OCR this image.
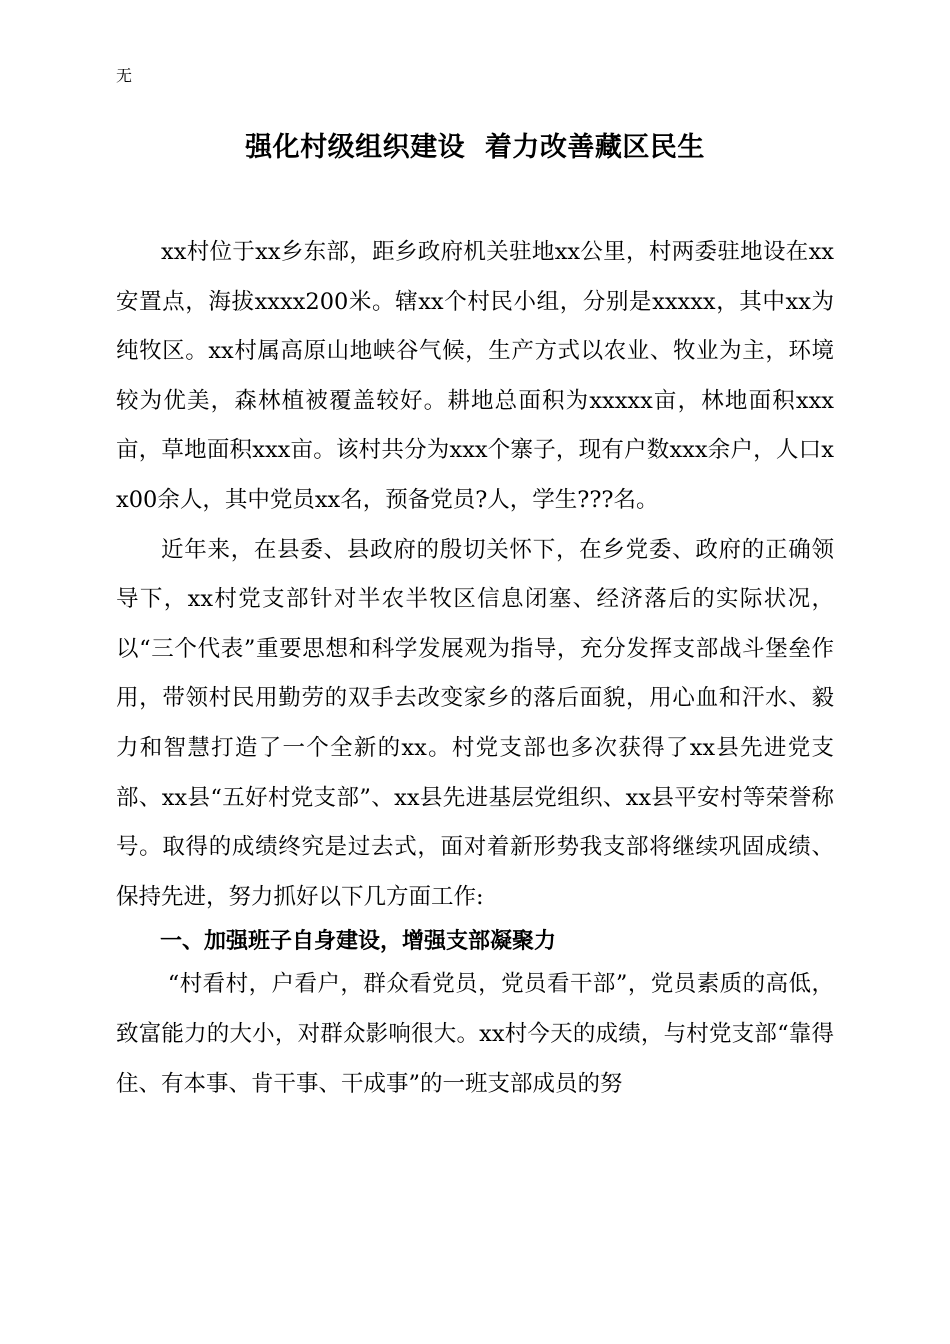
无
强化村级组织建设  着力改善藏区民生

xx村位于xx乡东部，距乡政府机关驻地xx公里，村两委驻地设在xx安置点，海拔xxxx200米。辖xx个村民小组，分别是xxxxx，其中xx为纯牧区。xx村属高原山地峡谷气候，生产方式以农业、牧业为主，环境较为优美，森林植被覆盖较好。耕地总面积为xxxxx亩，林地面积xxx亩，草地面积xxx亩。该村共分为xxx个寨子，现有户数xxx余户，人口xx00余人，其中党员xx名，预备党员?人，学生???名。

近年来，在县委、县政府的殷切关怀下，在乡党委、政府的正确领导下，xx村党支部针对半农半牧区信息闭塞、经济落后的实际状况，以“三个代表”重要思想和科学发展观为指导，充分发挥支部战斗堡垒作用，带领村民用勤劳的双手去改变家乡的落后面貌，用心血和汗水、毅力和智慧打造了一个全新的xx。村党支部也多次获得了xx县先进党支部、xx县“五好村党支部”、xx县先进基层党组织、xx县平安村等荣誉称号。取得的成绩终究是过去式，面对着新形势我支部将继续巩固成绩、保持先进，努力抓好以下几方面工作:

一、加强班子自身建设，增强支部凝聚力

“村看村，户看户，群众看党员，党员看干部”，党员素质的高低，致富能力的大小，对群众影响很大。xx村今天的成绩，与村党支部“靠得住、有本事、肯干事、干成事”的一班支部成员的努
